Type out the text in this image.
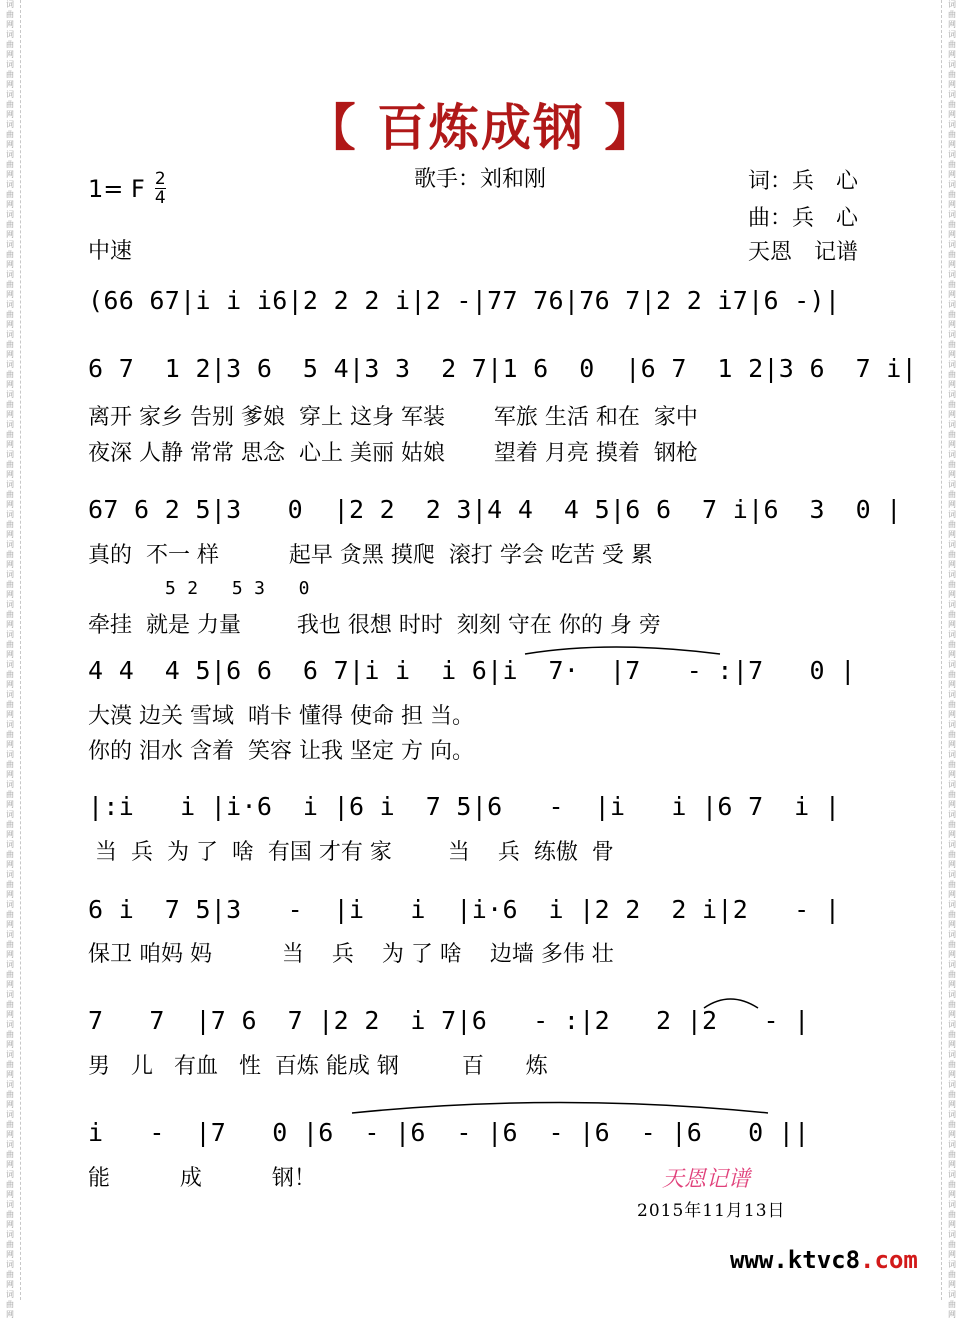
词
曲
网
词
曲
网
词
曲
网
词
曲
网
词
曲
网
词
曲
网
词
曲
网
词
曲
网
词
曲
网
词
曲
网
词
曲
网
词
曲
网
词
曲
网
词
曲
网
词
曲
网
词
曲
网
词
曲
网
词
曲
网
词
曲
网
词
曲
网
词
曲
网
词
曲
网
词
曲
网
词
曲
网
词
曲
网
词
曲
网
词
曲
网
词
曲
网
词
曲
网
词
曲
网
词
曲
网
词
曲
网
词
曲
网
词
曲
网
词
曲
网
词
曲
网
词
曲
网
词
曲
网
词
曲
网
词
曲
网
词
曲
网
词
曲
网
词
曲
网
词
曲
网
词
曲
网
词
曲
网
词
曲
网
词
曲
网
词
曲
网
词
曲
网
词
曲
网
词
曲
网
词
曲
网
词
曲
网
词
曲
网
词
曲
网
词
曲
网
词
曲
网
词
曲
网
词
曲
网
词
曲
网
词
曲
网
词
曲
网
词
曲
网
词
曲
网
词
曲
网
词
曲
网
词
曲
网
词
曲
网
词
曲
网
词
曲
网
词
曲
网
词
曲
网
词
曲
网
词
曲
网
词
曲
网
词
曲
网
词
曲
网
词
曲
网
词
曲
网
词
曲
网
词
曲
网
词
曲
网
词
曲
网
词
曲
网
词
曲
网
词
曲
网
词
曲
网
【 百炼成钢 】
歌手：刘和刚	词：兵　心
曲：兵　心
天恩　记谱
1= F $\frac{2}{4}$
中速
(66 67|i i i6|2 2 2 i|2 -|77 76|76 7|2 2 i7|6 -)|
6 7  1 2|3 6  5 4|3 3  2 7|1 6  0  |6 7  1 2|3 6  7 i|
离开 家乡 告别 爹娘  穿上 这身 军装       军旅 生活 和在  家中
夜深 人静 常常 思念  心上 美丽 姑娘       望着 月亮 摸着  钢枪
67 6 2 5|3   0  |2 2  2 3|4 4  4 5|6 6  7 i|6  3  0 |
真的  不一 样          起早 贪黑 摸爬  滚打 学会 吃苦 受 累
5 2   5 3   0
牵挂  就是 力量        我也 很想 时时  刻刻 守在 你的 身 旁
4 4  4 5|6 6  6 7|i i  i 6|i  7·  |7   - :|7   0 |
大漠 边关 雪域  哨卡 懂得 使命 担 当。
你的 泪水 含着  笑容 让我 坚定 方 向。
|:i   i |i·6  i |6 i  7 5|6   -  |i   i |6 7  i |
当  兵  为 了  啥  有国 才有 家        当    兵  练傲  骨
6 i  7 5|3   -  |i   i  |i·6  i |2 2  2 i|2   - |
保卫 咱妈 妈          当    兵    为 了 啥    边墙 多伟 壮
7   7  |7 6  7 |2 2  i 7|6   - :|2   2 |2   - |
男   儿   有血   性  百炼 能成 钢         百      炼
i   -  |7   0 |6  - |6  - |6  - |6  - |6   0 ||
能          成          钢！	天恩记谱
2015年11月13日
www.ktvc8.com
